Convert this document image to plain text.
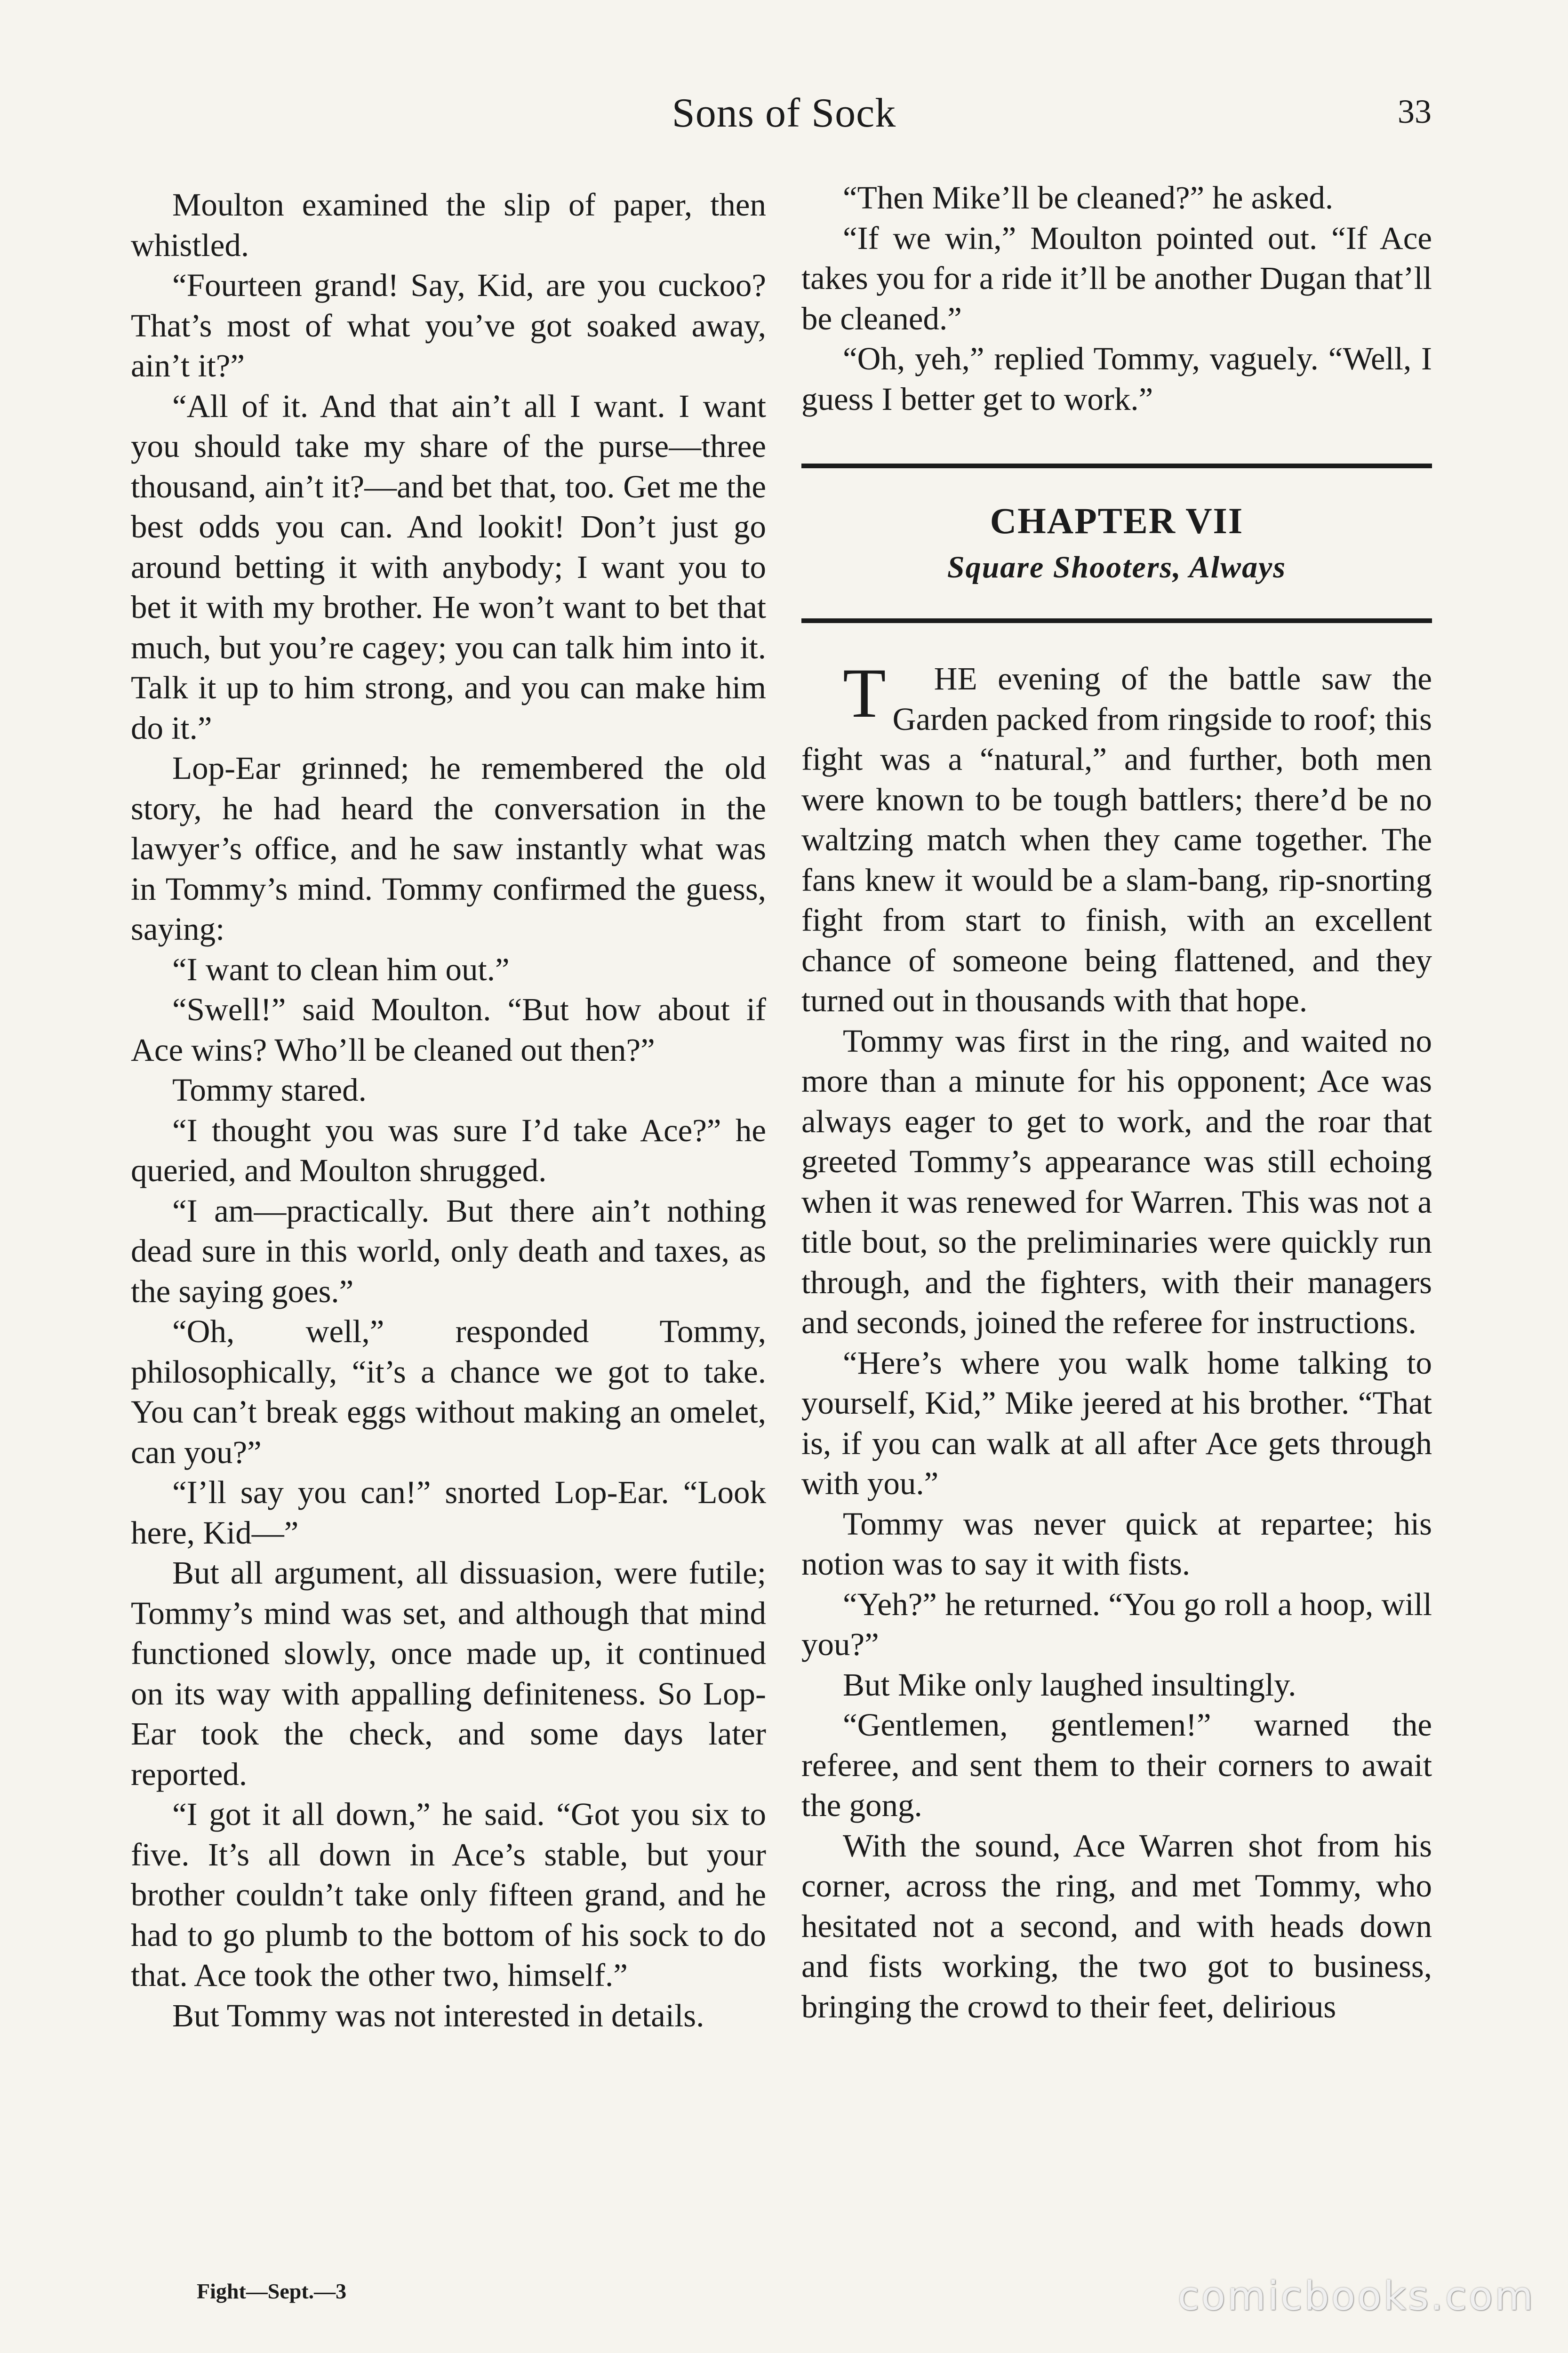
Sons of Sock	33

Moulton examined the slip of paper, then whistled.

“Fourteen grand! Say, Kid, are you cuckoo? That’s most of what you’ve got soaked away, ain’t it?”

“All of it. And that ain’t all I want. I want you should take my share of the purse—three thousand, ain’t it?—and bet that, too. Get me the best odds you can. And lookit! Don’t just go around betting it with anybody; I want you to bet it with my brother. He won’t want to bet that much, but you’re cagey; you can talk him into it. Talk it up to him strong, and you can make him do it.”

Lop-Ear grinned; he remembered the old story, he had heard the conversation in the lawyer’s office, and he saw instantly what was in Tommy’s mind. Tommy confirmed the guess, saying:

“I want to clean him out.”

“Swell!” said Moulton. “But how about if Ace wins? Who’ll be cleaned out then?”

Tommy stared.

“I thought you was sure I’d take Ace?” he queried, and Moulton shrugged.

“I am—practically. But there ain’t nothing dead sure in this world, only death and taxes, as the saying goes.”

“Oh, well,” responded Tommy, philosophically, “it’s a chance we got to take. You can’t break eggs without making an omelet, can you?”

“I’ll say you can!” snorted Lop-Ear. “Look here, Kid—”

But all argument, all dissuasion, were futile; Tommy’s mind was set, and although that mind functioned slowly, once made up, it continued on its way with appalling definiteness. So Lop-Ear took the check, and some days later reported.

“I got it all down,” he said. “Got you six to five. It’s all down in Ace’s stable, but your brother couldn’t take only fifteen grand, and he had to go plumb to the bottom of his sock to do that. Ace took the other two, himself.”

But Tommy was not interested in details.

“Then Mike’ll be cleaned?” he asked.

“If we win,” Moulton pointed out. “If Ace takes you for a ride it’ll be another Dugan that’ll be cleaned.”

“Oh, yeh,” replied Tommy, vaguely. “Well, I guess I better get to work.”

CHAPTER VII
Square Shooters, Always

T HE evening of the battle saw the Garden packed from ringside to roof; this fight was a “natural,” and further, both men were known to be tough battlers; there’d be no waltzing match when they came together. The fans knew it would be a slam-bang, rip-snorting fight from start to finish, with an excellent chance of someone being flattened, and they turned out in thousands with that hope.

Tommy was first in the ring, and waited no more than a minute for his opponent; Ace was always eager to get to work, and the roar that greeted Tommy’s appearance was still echoing when it was renewed for Warren. This was not a title bout, so the preliminaries were quickly run through, and the fighters, with their managers and seconds, joined the referee for instructions.

“Here’s where you walk home talking to yourself, Kid,” Mike jeered at his brother. “That is, if you can walk at all after Ace gets through with you.”

Tommy was never quick at repartee; his notion was to say it with fists.

“Yeh?” he returned. “You go roll a hoop, will you?”

But Mike only laughed insultingly.

“Gentlemen, gentlemen!” warned the referee, and sent them to their corners to await the gong.

With the sound, Ace Warren shot from his corner, across the ring, and met Tommy, who hesitated not a second, and with heads down and fists working, the two got to business, bringing the crowd to their feet, delirious

Fight—Sept.—3	comicbooks.com
